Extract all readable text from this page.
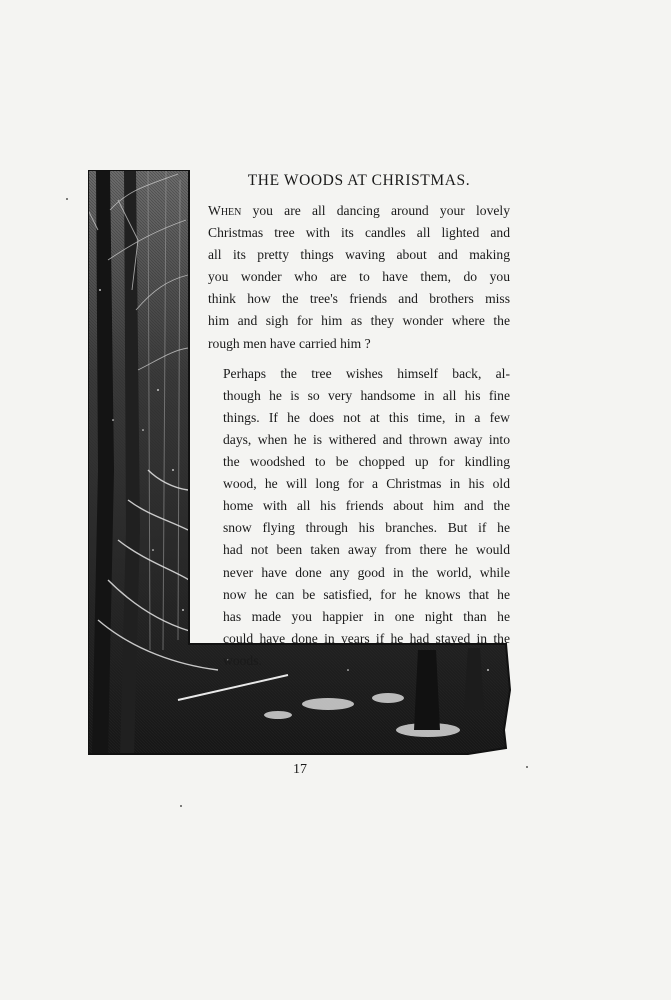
THE WOODS AT CHRISTMAS.

When you are all dancing around your lovely
Christmas tree with its candles all lighted and
all its pretty things waving about and making
you wonder who are to have them, do you
think how the tree's friends and brothers miss
him and sigh for him as they wonder where the
rough men have carried him ?

Perhaps the tree wishes himself back, al-
though he is so very handsome in all his fine
things. If he does not at this time, in a few
days, when he is withered and thrown away into
the woodshed to be chopped up for kindling
wood, he will long for a Christmas in his old
home with all his friends about him and the
snow flying through his branches. But if he
had not been taken away from there he would
never have done any good in the world, while
now he can be satisfied, for he knows that he
has made you happier in one night than he
could have done in years if he had stayed in the
woods.

17
